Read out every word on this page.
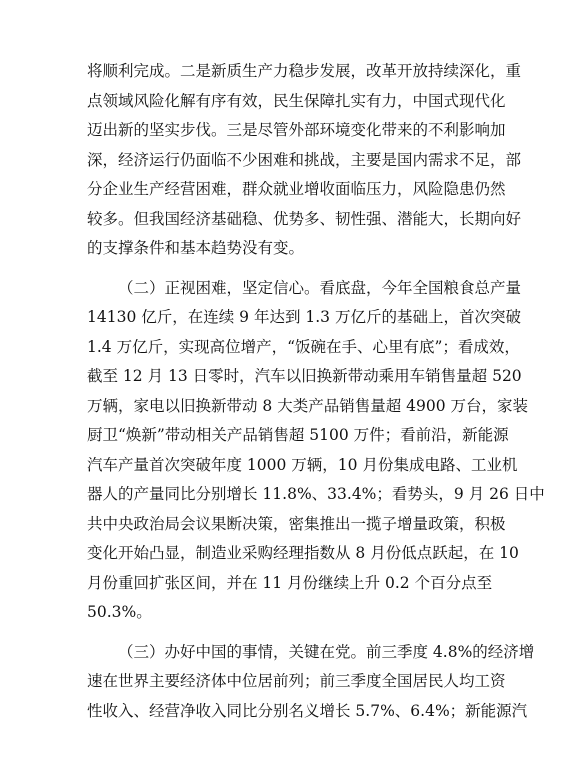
将顺利完成。二是新质生产力稳步发展，改革开放持续深化，重
点领域风险化解有序有效，民生保障扎实有力，中国式现代化
迈出新的坚实步伐。三是尽管外部环境变化带来的不利影响加
深，经济运行仍面临不少困难和挑战，主要是国内需求不足，部
分企业生产经营困难，群众就业增收面临压力，风险隐患仍然
较多。但我国经济基础稳、优势多、韧性强、潜能大，长期向好
的支撑条件和基本趋势没有变。

（二）正视困难，坚定信心。看底盘，今年全国粮食总产量
14130 亿斤，在连续 9 年达到 1.3 万亿斤的基础上，首次突破
1.4 万亿斤，实现高位增产，“饭碗在手、心里有底”；看成效，
截至 12 月 13 日零时，汽车以旧换新带动乘用车销售量超 520
万辆，家电以旧换新带动 8 大类产品销售量超 4900 万台，家装
厨卫“焕新”带动相关产品销售超 5100 万件；看前沿，新能源
汽车产量首次突破年度 1000 万辆，10 月份集成电路、工业机
器人的产量同比分别增长 11.8%、33.4%；看势头，9 月 26 日中
共中央政治局会议果断决策，密集推出一揽子增量政策，积极
变化开始凸显，制造业采购经理指数从 8 月份低点跃起，在 10
月份重回扩张区间，并在 11 月份继续上升 0.2 个百分点至
50.3%。

（三）办好中国的事情，关键在党。前三季度 4.8%的经济增
速在世界主要经济体中位居前列；前三季度全国居民人均工资
性收入、经营净收入同比分别名义增长 5.7%、6.4%；新能源汽
